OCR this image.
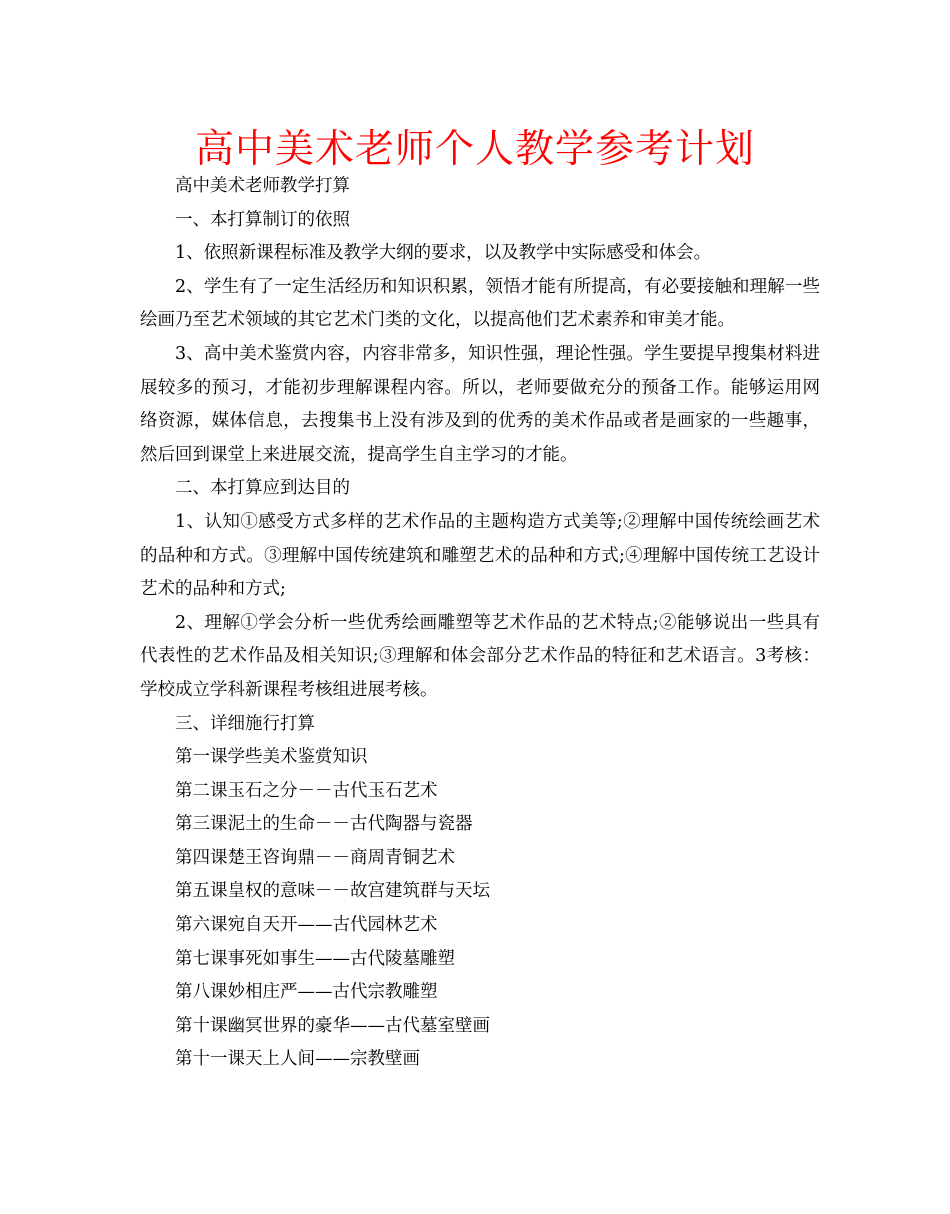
高中美术老师个人教学参考计划

高中美术老师教学打算

一、本打算制订的依照

1、依照新课程标准及教学大纲的要求，以及教学中实际感受和体会。

2、学生有了一定生活经历和知识积累，领悟才能有所提高，有必要接触和理解一些绘画乃至艺术领域的其它艺术门类的文化，以提高他们艺术素养和审美才能。

3、高中美术鉴赏内容，内容非常多，知识性强，理论性强。学生要提早搜集材料进展较多的预习，才能初步理解课程内容。所以，老师要做充分的预备工作。能够运用网络资源，媒体信息，去搜集书上没有涉及到的优秀的美术作品或者是画家的一些趣事，然后回到课堂上来进展交流，提高学生自主学习的才能。

二、本打算应到达目的

1、认知①感受方式多样的艺术作品的主题构造方式美等;②理解中国传统绘画艺术的品种和方式。③理解中国传统建筑和雕塑艺术的品种和方式;④理解中国传统工艺设计艺术的品种和方式;

2、理解①学会分析一些优秀绘画雕塑等艺术作品的艺术特点;②能够说出一些具有代表性的艺术作品及相关知识;③理解和体会部分艺术作品的特征和艺术语言。3考核：学校成立学科新课程考核组进展考核。

三、详细施行打算

第一课学些美术鉴赏知识

第二课玉石之分－－古代玉石艺术

第三课泥土的生命－－古代陶器与瓷器

第四课楚王咨询鼎－－商周青铜艺术

第五课皇权的意味－－故宫建筑群与天坛

第六课宛自天开——古代园林艺术

第七课事死如事生——古代陵墓雕塑

第八课妙相庄严——古代宗教雕塑

第十课幽冥世界的豪华——古代墓室壁画

第十一课天上人间——宗教壁画
